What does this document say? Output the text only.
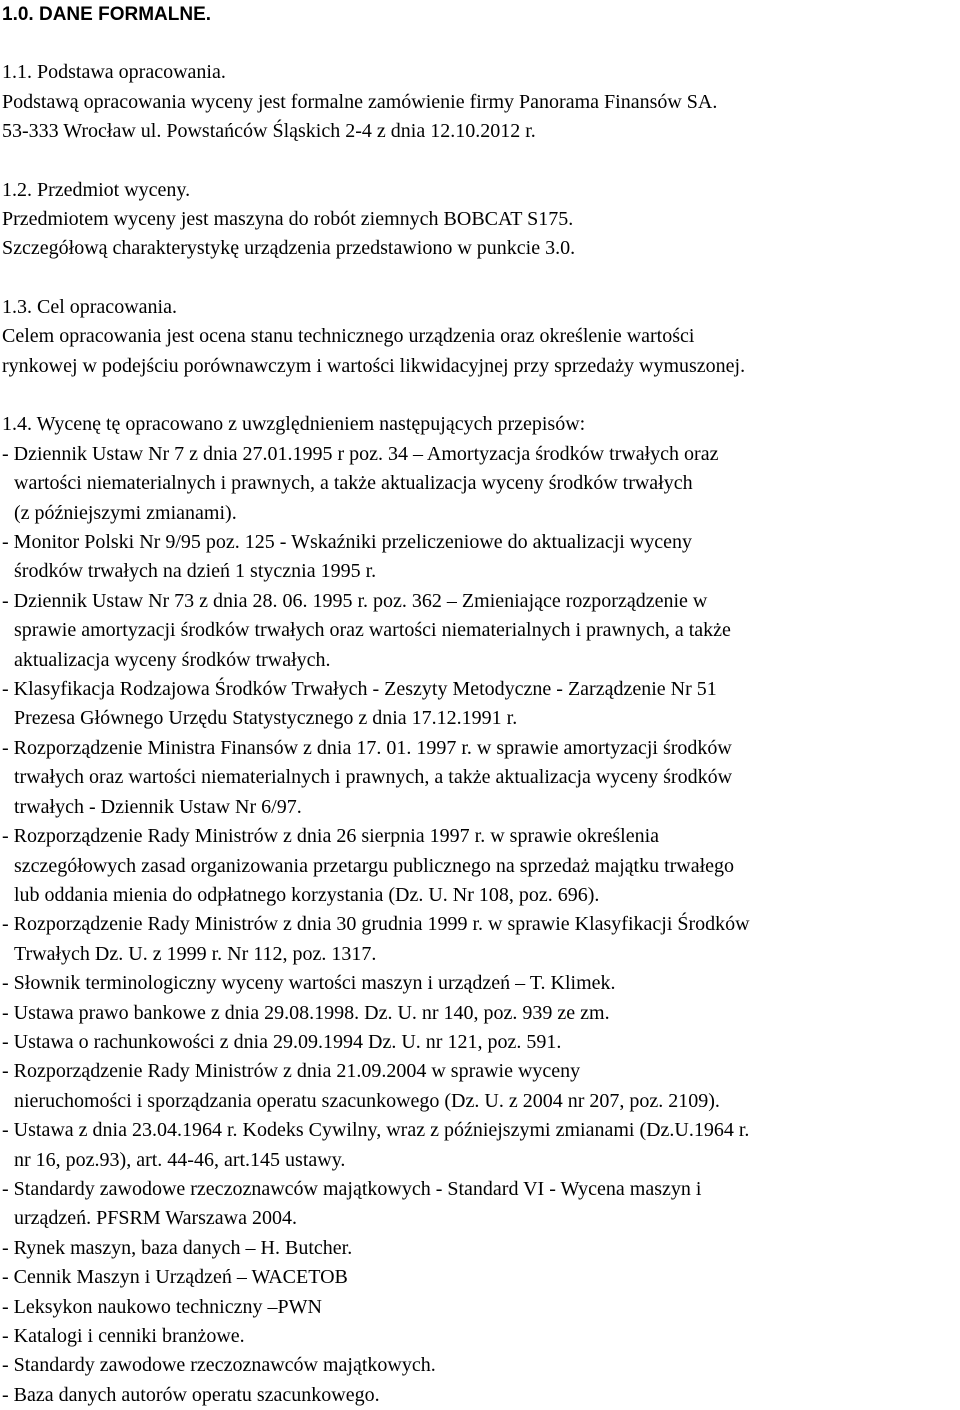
1.0. DANE FORMALNE.
1.1. Podstawa opracowania.
Podstawą opracowania wyceny jest formalne zamówienie firmy Panorama Finansów SA.
53-333 Wrocław ul. Powstańców Śląskich 2-4 z dnia 12.10.2012 r.
1.2. Przedmiot wyceny.
Przedmiotem wyceny jest maszyna do robót ziemnych BOBCAT S175.
Szczegółową charakterystykę urządzenia przedstawiono w punkcie 3.0.
1.3. Cel opracowania.
Celem opracowania jest ocena stanu technicznego urządzenia oraz określenie wartości
rynkowej w podejściu porównawczym i wartości likwidacyjnej przy sprzedaży wymuszonej.
1.4. Wycenę tę opracowano z uwzględnieniem następujących przepisów:
- Dziennik Ustaw Nr 7 z dnia 27.01.1995 r poz. 34 – Amortyzacja środków trwałych oraz
wartości niematerialnych i prawnych, a także aktualizacja wyceny środków trwałych
(z późniejszymi zmianami).
- Monitor Polski Nr 9/95 poz. 125 - Wskaźniki przeliczeniowe do aktualizacji wyceny
środków trwałych na dzień 1 stycznia 1995 r.
- Dziennik Ustaw Nr 73 z dnia 28. 06. 1995 r. poz. 362 – Zmieniające rozporządzenie w
sprawie amortyzacji środków trwałych oraz wartości niematerialnych i prawnych, a także
aktualizacja wyceny środków trwałych.
- Klasyfikacja Rodzajowa Środków Trwałych - Zeszyty Metodyczne - Zarządzenie Nr 51
Prezesa Głównego Urzędu Statystycznego z dnia 17.12.1991 r.
- Rozporządzenie Ministra Finansów z dnia 17. 01. 1997 r. w sprawie amortyzacji środków
trwałych oraz wartości niematerialnych i prawnych, a także aktualizacja wyceny środków
trwałych - Dziennik Ustaw Nr 6/97.
- Rozporządzenie Rady Ministrów z dnia 26 sierpnia 1997 r. w sprawie określenia
szczegółowych zasad organizowania przetargu publicznego na sprzedaż majątku trwałego
lub oddania mienia do odpłatnego korzystania (Dz. U. Nr 108, poz. 696).
- Rozporządzenie Rady Ministrów z dnia 30 grudnia 1999 r. w sprawie Klasyfikacji Środków
Trwałych Dz. U. z 1999 r. Nr 112, poz. 1317.
- Słownik terminologiczny wyceny wartości maszyn i urządzeń – T. Klimek.
- Ustawa prawo bankowe z dnia 29.08.1998. Dz. U. nr 140, poz. 939 ze zm.
- Ustawa o rachunkowości z dnia 29.09.1994 Dz. U. nr 121, poz. 591.
- Rozporządzenie Rady Ministrów z dnia 21.09.2004 w sprawie wyceny
nieruchomości i sporządzania operatu szacunkowego (Dz. U. z 2004 nr 207, poz. 2109).
- Ustawa z dnia 23.04.1964 r. Kodeks Cywilny, wraz z późniejszymi zmianami (Dz.U.1964 r.
nr 16, poz.93), art. 44-46, art.145 ustawy.
- Standardy zawodowe rzeczoznawców majątkowych - Standard VI - Wycena maszyn i
urządzeń. PFSRM Warszawa 2004.
- Rynek maszyn, baza danych – H. Butcher.
- Cennik Maszyn i Urządzeń – WACETOB
- Leksykon naukowo techniczny –PWN
- Katalogi i cenniki branżowe.
- Standardy zawodowe rzeczoznawców majątkowych.
- Baza danych autorów operatu szacunkowego.
